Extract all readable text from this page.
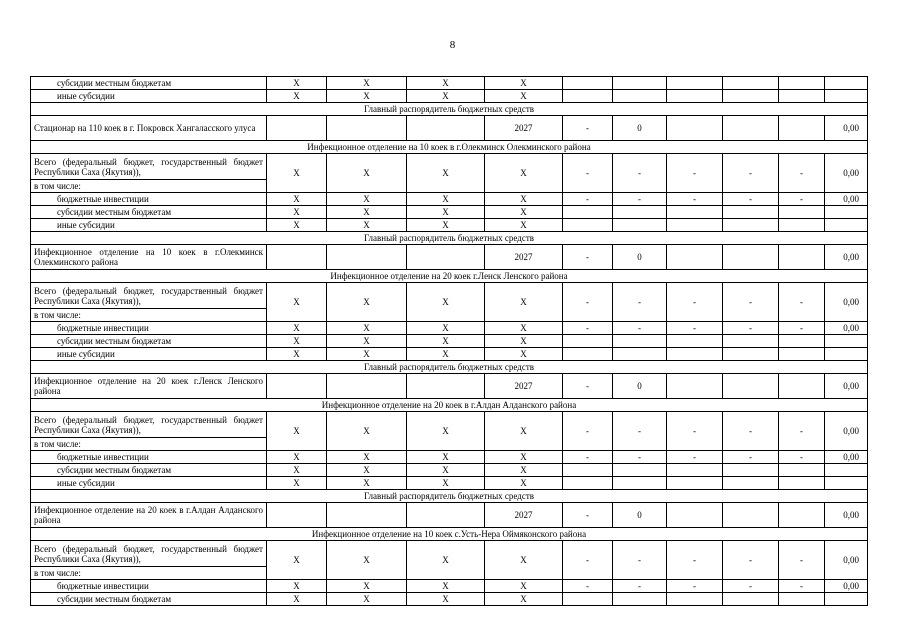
8
субсидии местным бюджетам	X	X	X	X						
иные субсидии	X	X	X	X						
Главный распорядитель бюджетных средств										
Стационар на 110 коек в г. Покровск Хангаласского улуса				2027	-	0				0,00
Инфекционное отделение на 10 коек в г.Олекминск Олекминского района										
Всего (федеральный бюджет, государственный бюджет Республики Саха (Якутия)),	X	X	X	X	-	-	-	-	-	0,00
в том числе:										
бюджетные инвестиции	X	X	X	X	-	-	-	-	-	0,00
субсидии местным бюджетам	X	X	X	X						
иные субсидии	X	X	X	X						
Главный распорядитель бюджетных средств										
Инфекционное отделение на 10 коек в г.Олекминск Олекминского района				2027	-	0				0,00
Инфекционное отделение на 20 коек г.Ленск Ленского района										
Всего (федеральный бюджет, государственный бюджет Республики Саха (Якутия)),	X	X	X	X	-	-	-	-	-	0,00
в том числе:										
бюджетные инвестиции	X	X	X	X	-	-	-	-	-	0,00
субсидии местным бюджетам	X	X	X	X						
иные субсидии	X	X	X	X						
Главный распорядитель бюджетных средств										
Инфекционное отделение на 20 коек г.Ленск Ленского района				2027	-	0				0,00
Инфекционное отделение на 20 коек в г.Алдан Алданского района										
Всего (федеральный бюджет, государственный бюджет Республики Саха (Якутия)),	X	X	X	X	-	-	-	-	-	0,00
в том числе:										
бюджетные инвестиции	X	X	X	X	-	-	-	-	-	0,00
субсидии местным бюджетам	X	X	X	X						
иные субсидии	X	X	X	X						
Главный распорядитель бюджетных средств										
Инфекционное отделение на 20 коек в г.Алдан Алданского района				2027	-	0				0,00
Инфекционное отделение на 10 коек с.Усть-Нера Оймяконского района										
Всего (федеральный бюджет, государственный бюджет Республики Саха (Якутия)),	X	X	X	X	-	-	-	-	-	0,00
в том числе:										
бюджетные инвестиции	X	X	X	X	-	-	-	-	-	0,00
субсидии местным бюджетам	X	X	X	X						
